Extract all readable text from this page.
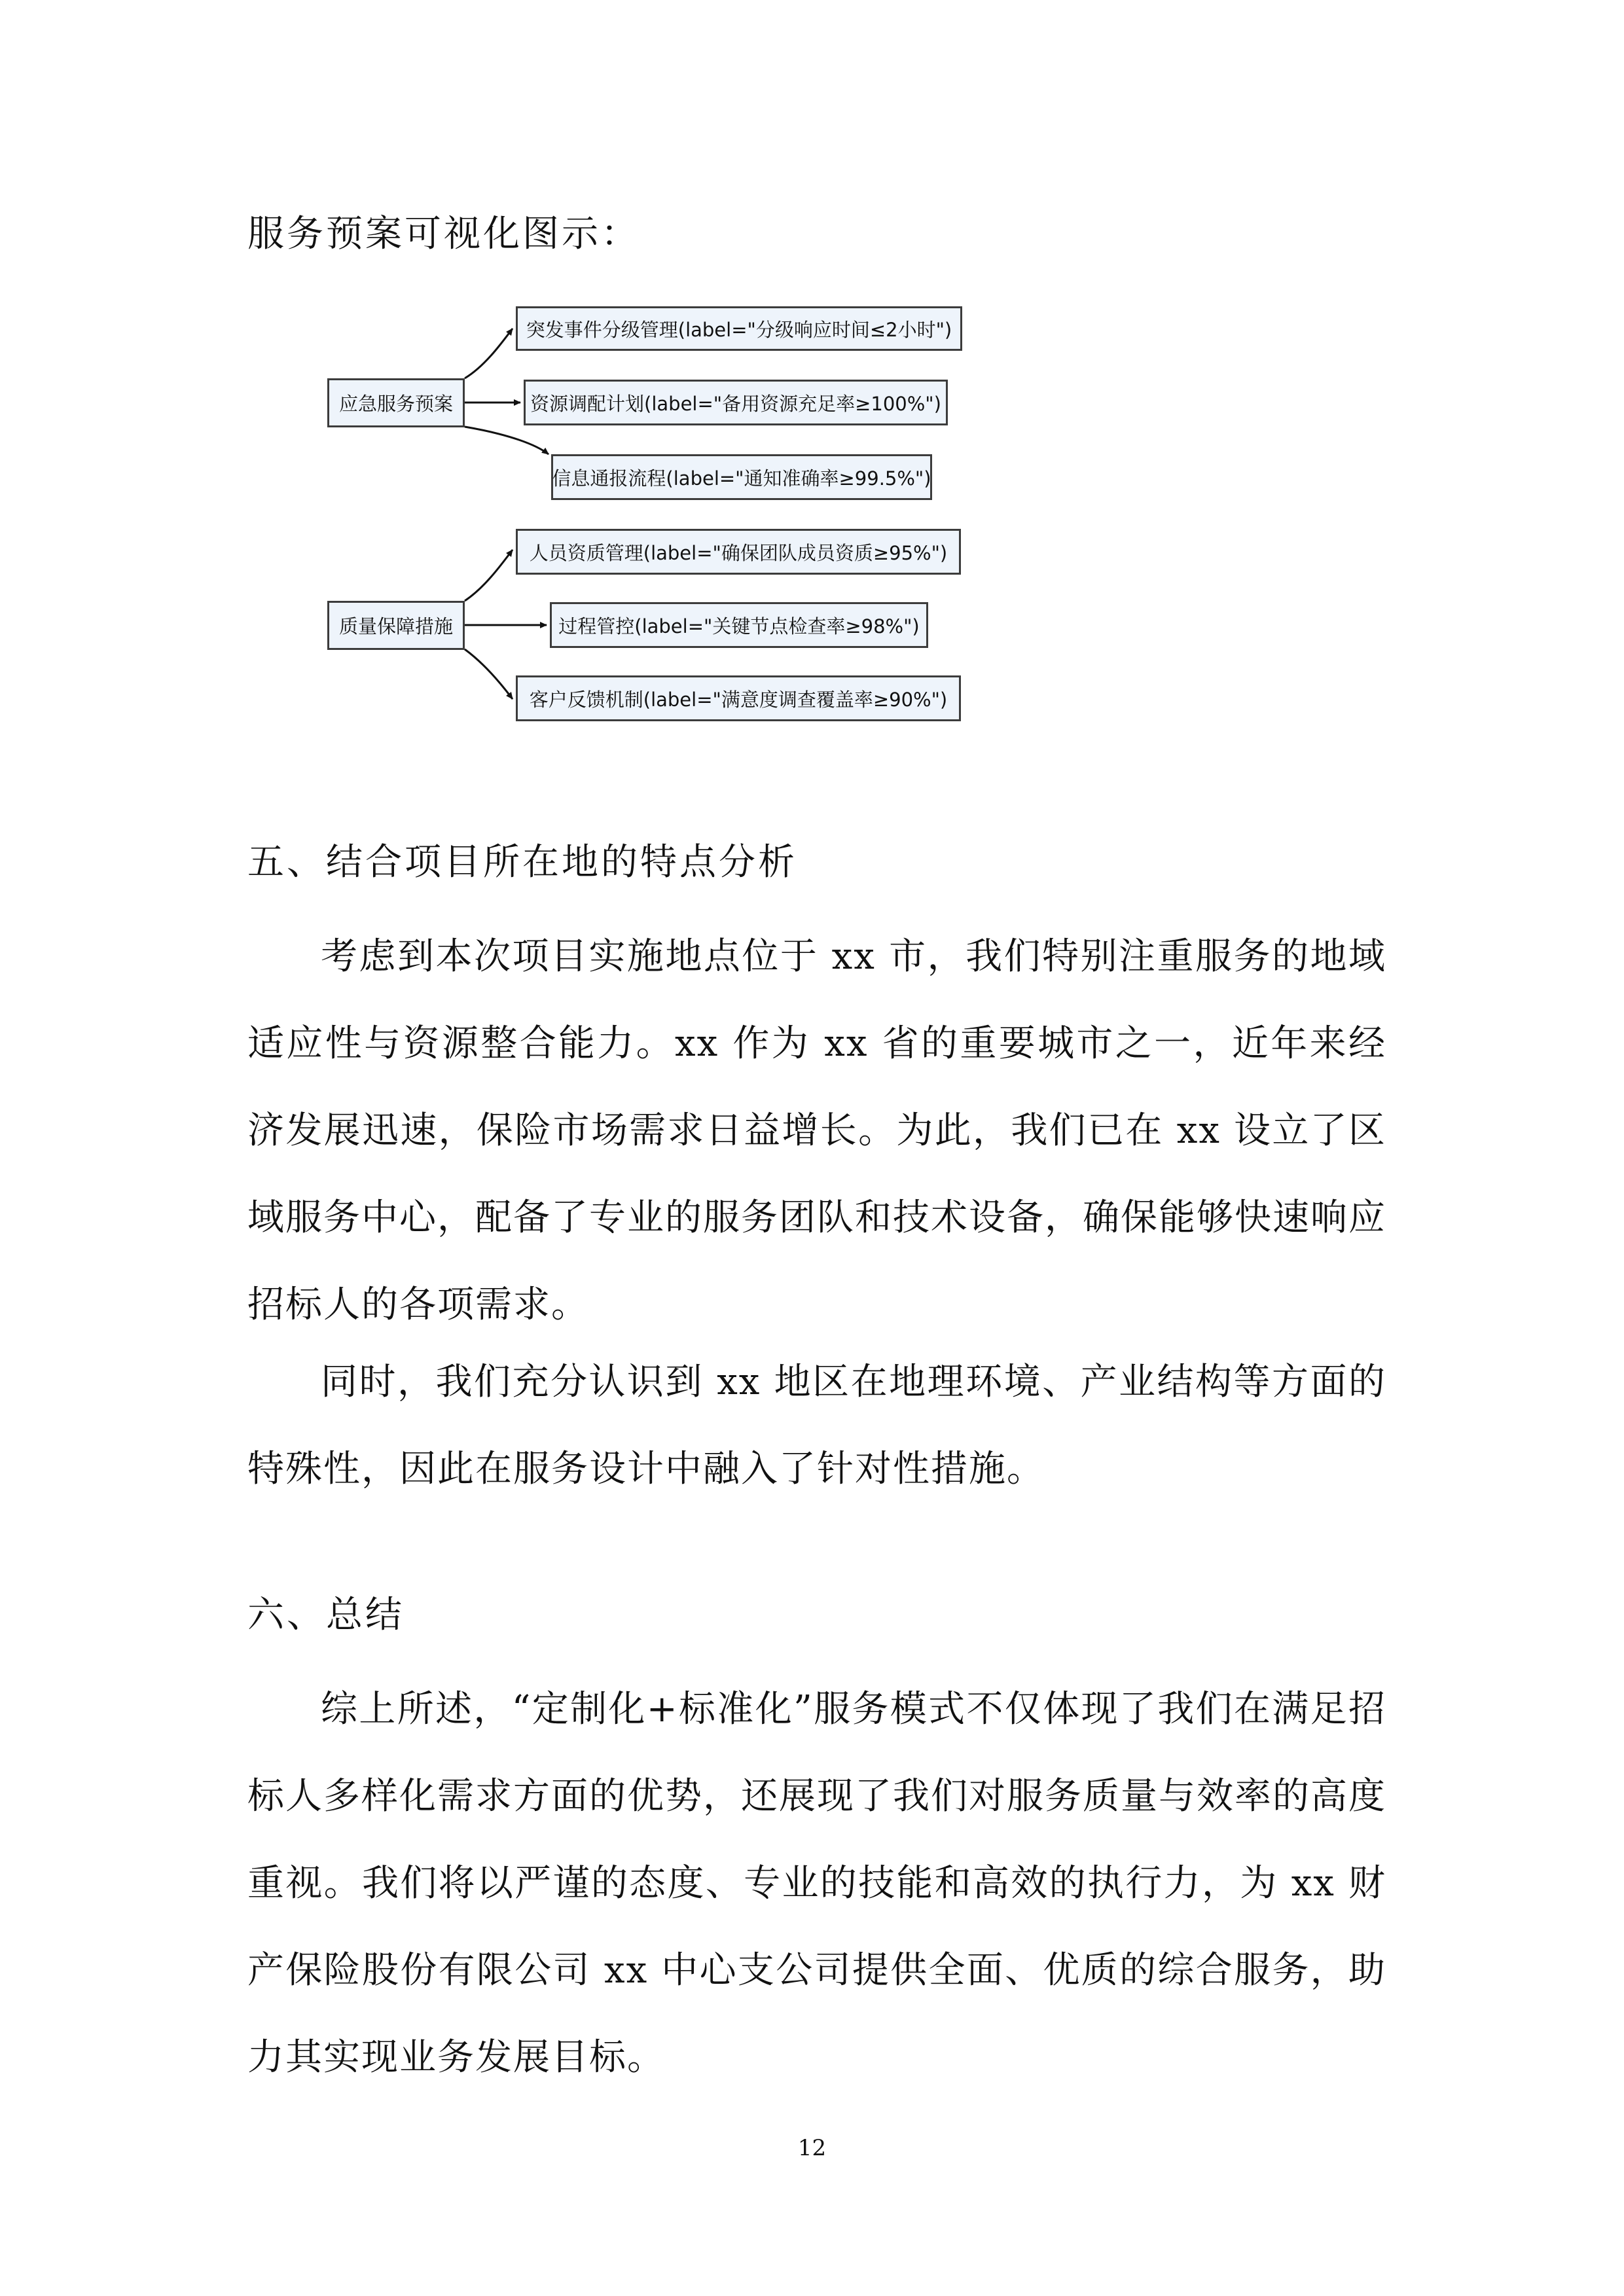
服务预案可视化图示：
应急服务预案
突发事件分级管理(label="分级响应时间≤2小时")
资源调配计划(label="备用资源充足率≥100%")
信息通报流程(label="通知准确率≥99.5%")
质量保障措施
人员资质管理(label="确保团队成员资质≥95%")
过程管控(label="关键节点检查率≥98%")
客户反馈机制(label="满意度调查覆盖率≥90%")
五、结合项目所在地的特点分析
考虑到本次项目实施地点位于 xx 市，我们特别注重服务的地域适应性与资源整合能力。xx 作为 xx 省的重要城市之一，近年来经济发展迅速，保险市场需求日益增长。为此，我们已在 xx 设立了区域服务中心，配备了专业的服务团队和技术设备，确保能够快速响应招标人的各项需求。
同时，我们充分认识到 xx 地区在地理环境、产业结构等方面的特殊性，因此在服务设计中融入了针对性措施。
六、总结
综上所述，“定制化+标准化”服务模式不仅体现了我们在满足招标人多样化需求方面的优势，还展现了我们对服务质量与效率的高度重视。我们将以严谨的态度、专业的技能和高效的执行力，为 xx 财产保险股份有限公司 xx 中心支公司提供全面、优质的综合服务，助力其实现业务发展目标。
12
